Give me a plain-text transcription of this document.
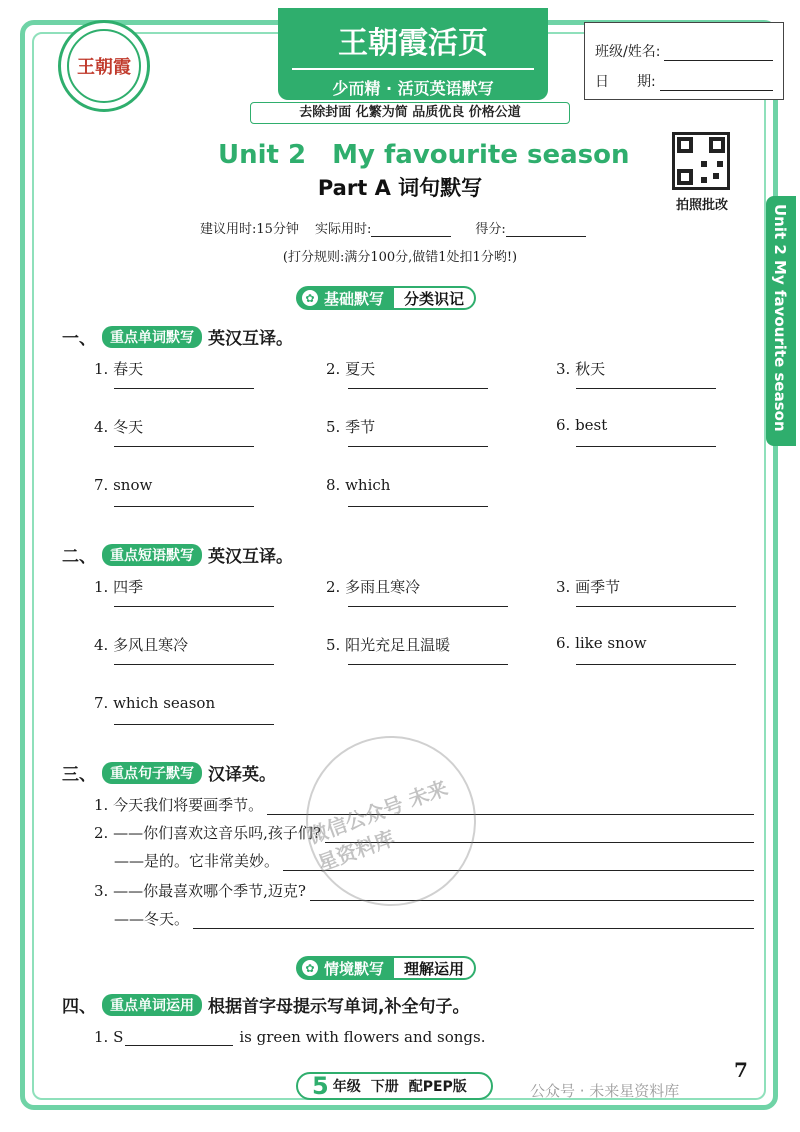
王朝霞
王朝霞活页
少而精 · 活页英语默写
去除封面 化繁为简 品质优良 价格公道
班级/姓名:
日　　期:
拍照批改	Unit 2 My favourite season
Unit 2　My favourite season
Part A 词句默写
建议用时:15分钟 实际用时:	得分:
(打分规则:满分100分,做错1处扣1分哟!)
✿ 基础默写	分类识记
一、	重点单词默写 英汉互译。
1. 春天	2. 夏天	3. 秋天
4. 冬天	5. 季节	6. best
7. snow	8. which
二、	重点短语默写 英汉互译。
1. 四季	2. 多雨且寒冷	3. 画季节
4. 多风且寒冷	5. 阳光充足且温暖	6. like snow
7. which season
三、	重点句子默写 汉译英。
1. 今天我们将要画季节。
2. ——你们喜欢这音乐吗,孩子们?
——是的。它非常美妙。
3. ——你最喜欢哪个季节,迈克?
——冬天。
微信公众号 未来星资料库
✿ 情境默写	理解运用
四、	重点单词运用 根据首字母提示写单词,补全句子。
1. S	is green with flowers and songs.
5 年级 下册 配PEP版
7
公众号 · 未来星资料库
